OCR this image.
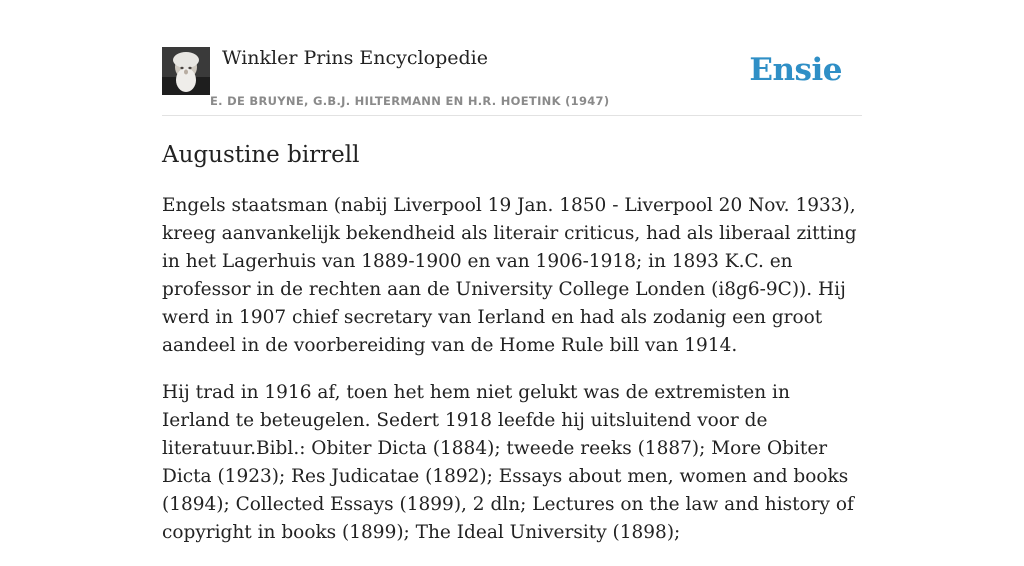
Winkler Prins Encyclopedie
E. DE BRUYNE, G.B.J. HILTERMANN EN H.R. HOETINK (1947)
Ensie
Augustine birrell

Engels staatsman (nabij Liverpool 19 Jan. 1850 - Liverpool 20 Nov. 1933), kreeg aanvankelijk bekendheid als literair criticus, had als liberaal zitting in het Lagerhuis van 1889-1900 en van 1906-1918; in 1893 K.C. en professor in de rechten aan de University College Londen (i8g6-9C)). Hij werd in 1907 chief secretary van Ierland en had als zodanig een groot aandeel in de voorbereiding van de Home Rule bill van 1914.

Hij trad in 1916 af, toen het hem niet gelukt was de extremisten in Ierland te beteugelen. Sedert 1918 leefde hij uitsluitend voor de literatuur.Bibl.: Obiter Dicta (1884); tweede reeks (1887); More Obiter Dicta (1923); Res Judicatae (1892); Essays about men, women and books (1894); Collected Essays (1899), 2 dln; Lectures on the law and history of copyright in books (1899); The Ideal University (1898);
